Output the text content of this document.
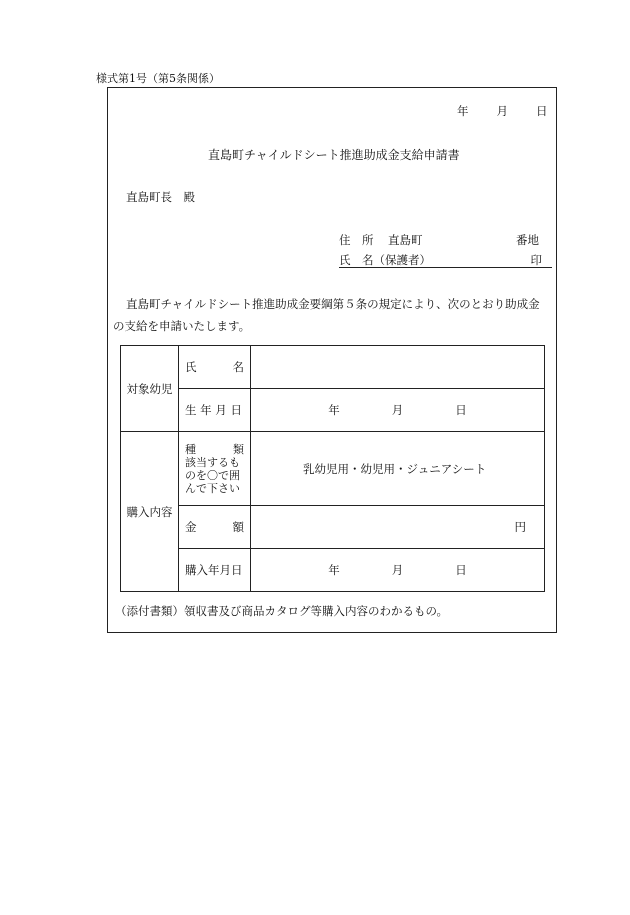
様式第1号（第5条関係）
年 月 日
直島町チャイルドシート推進助成金支給申請書
直島町長　殿
住　所 直島町	番地
氏　名（保護者）	印
直島町チャイルドシート推進助成金要綱第５条の規定により、次のとおり助成金
の支給を申請いたします。
対象幼児	氏 名	

	生 年 月 日	年 月 日
購入内容	種 類
該当するも
のを〇で囲
んで下さい	乳幼児用・幼児用・ジュニアシート

	金 額	円
	購入年月日	年 月 日
（添付書類）領収書及び商品カタログ等購入内容のわかるもの。
